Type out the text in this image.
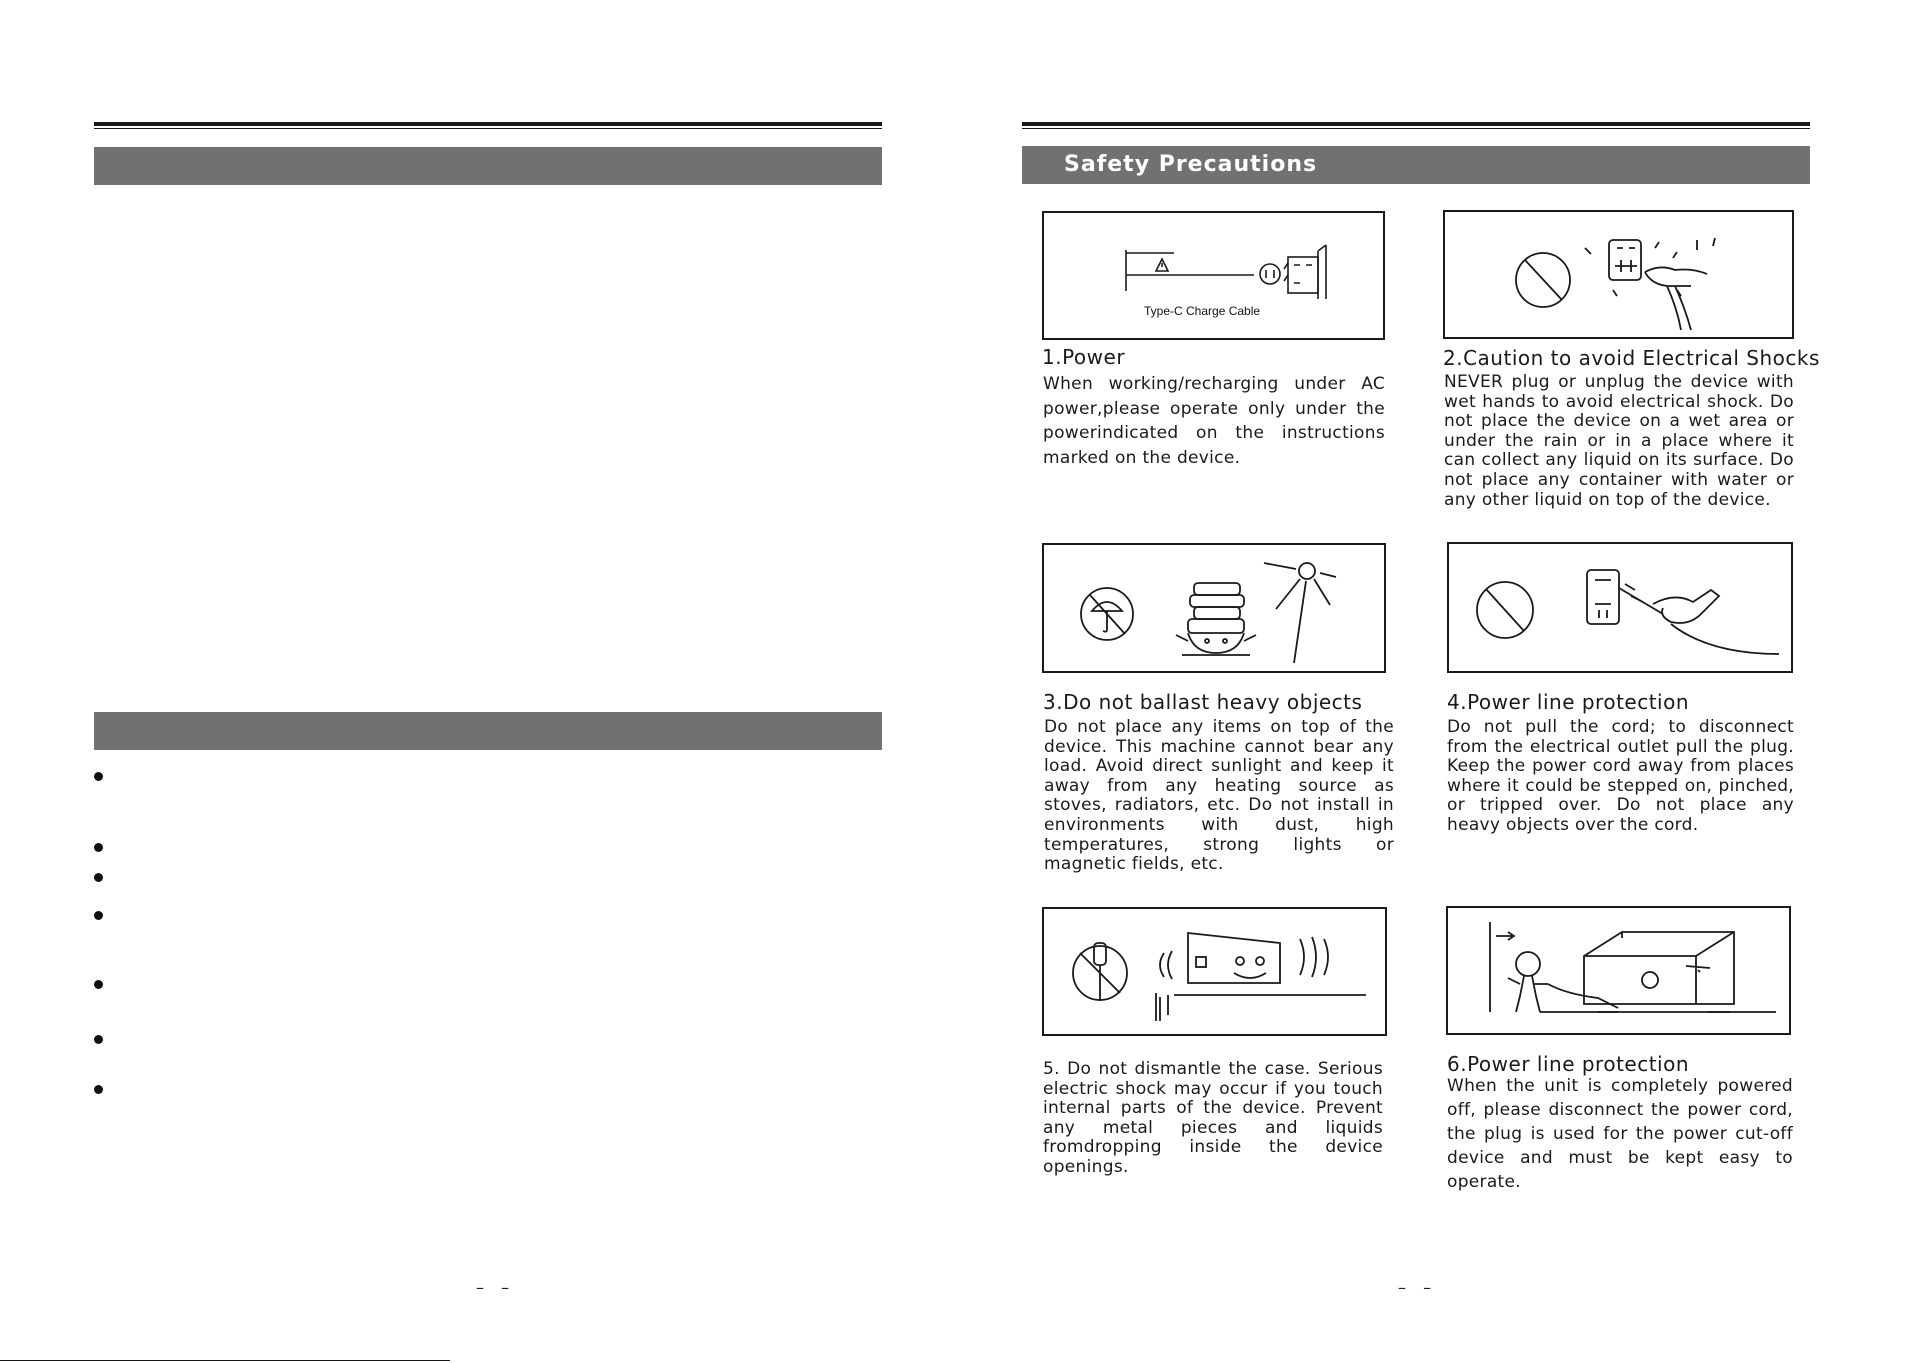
– –
Safety Precautions
Type-C Charge Cable
1.Power
When working/recharging under AC power,please operate only under the powerindicated on the instructions marked on the device.
2.Caution to avoid Electrical Shocks
NEVER plug or unplug the device with wet hands to avoid electrical shock. Do not place the device on a wet area or under the rain or in a place where it can collect any liquid on its surface. Do not place any container with water or any other liquid on top of the device.
3.Do not ballast heavy objects
Do not place any items on top of the device. This machine cannot bear any load. Avoid direct sunlight and keep it away from any heating source as stoves, radiators, etc. Do not install in environments with dust, high temperatures, strong lights or magnetic fields, etc.
4.Power line protection
Do not pull the cord; to disconnect from the electrical outlet pull the plug. Keep the power cord away from places where it could be stepped on, pinched, or tripped over. Do not place any heavy objects over the cord.
5. Do not dismantle the case. Serious electric shock may occur if you touch internal parts of the device. Prevent any metal pieces and liquids fromdropping inside the device openings.
6.Power line protection
When the unit is completely powered off, please disconnect the power cord, the plug is used for the power cut-off device and must be kept easy to operate.
– –
